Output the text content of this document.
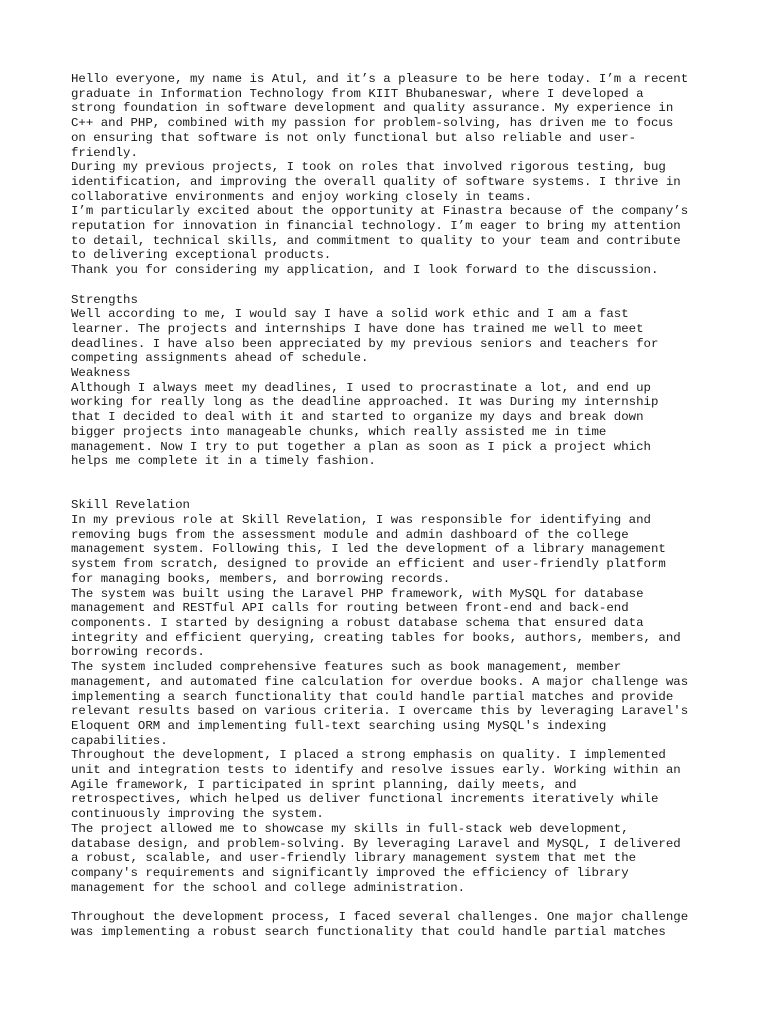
Hello everyone, my name is Atul, and it’s a pleasure to be here today. I’m a recent
graduate in Information Technology from KIIT Bhubaneswar, where I developed a
strong foundation in software development and quality assurance. My experience in
C++ and PHP, combined with my passion for problem-solving, has driven me to focus
on ensuring that software is not only functional but also reliable and user-
friendly.

During my previous projects, I took on roles that involved rigorous testing, bug
identification, and improving the overall quality of software systems. I thrive in
collaborative environments and enjoy working closely in teams.

I’m particularly excited about the opportunity at Finastra because of the company’s
reputation for innovation in financial technology. I’m eager to bring my attention
to detail, technical skills, and commitment to quality to your team and contribute
to delivering exceptional products.

Thank you for considering my application, and I look forward to the discussion.

Strengths

Well according to me, I would say I have a solid work ethic and I am a fast
learner. The projects and internships I have done has trained me well to meet
deadlines. I have also been appreciated by my previous seniors and teachers for
competing assignments ahead of schedule.

Weakness

Although I always meet my deadlines, I used to procrastinate a lot, and end up
working for really long as the deadline approached. It was During my internship
that I decided to deal with it and started to organize my days and break down
bigger projects into manageable chunks, which really assisted me in time
management. Now I try to put together a plan as soon as I pick a project which
helps me complete it in a timely fashion.

Skill Revelation

In my previous role at Skill Revelation, I was responsible for identifying and
removing bugs from the assessment module and admin dashboard of the college
management system. Following this, I led the development of a library management
system from scratch, designed to provide an efficient and user-friendly platform
for managing books, members, and borrowing records.

The system was built using the Laravel PHP framework, with MySQL for database
management and RESTful API calls for routing between front-end and back-end
components. I started by designing a robust database schema that ensured data
integrity and efficient querying, creating tables for books, authors, members, and
borrowing records.

The system included comprehensive features such as book management, member
management, and automated fine calculation for overdue books. A major challenge was
implementing a search functionality that could handle partial matches and provide
relevant results based on various criteria. I overcame this by leveraging Laravel's
Eloquent ORM and implementing full-text searching using MySQL's indexing
capabilities.

Throughout the development, I placed a strong emphasis on quality. I implemented
unit and integration tests to identify and resolve issues early. Working within an
Agile framework, I participated in sprint planning, daily meets, and
retrospectives, which helped us deliver functional increments iteratively while
continuously improving the system.

The project allowed me to showcase my skills in full-stack web development,
database design, and problem-solving. By leveraging Laravel and MySQL, I delivered
a robust, scalable, and user-friendly library management system that met the
company's requirements and significantly improved the efficiency of library
management for the school and college administration.

Throughout the development process, I faced several challenges. One major challenge
was implementing a robust search functionality that could handle partial matches
